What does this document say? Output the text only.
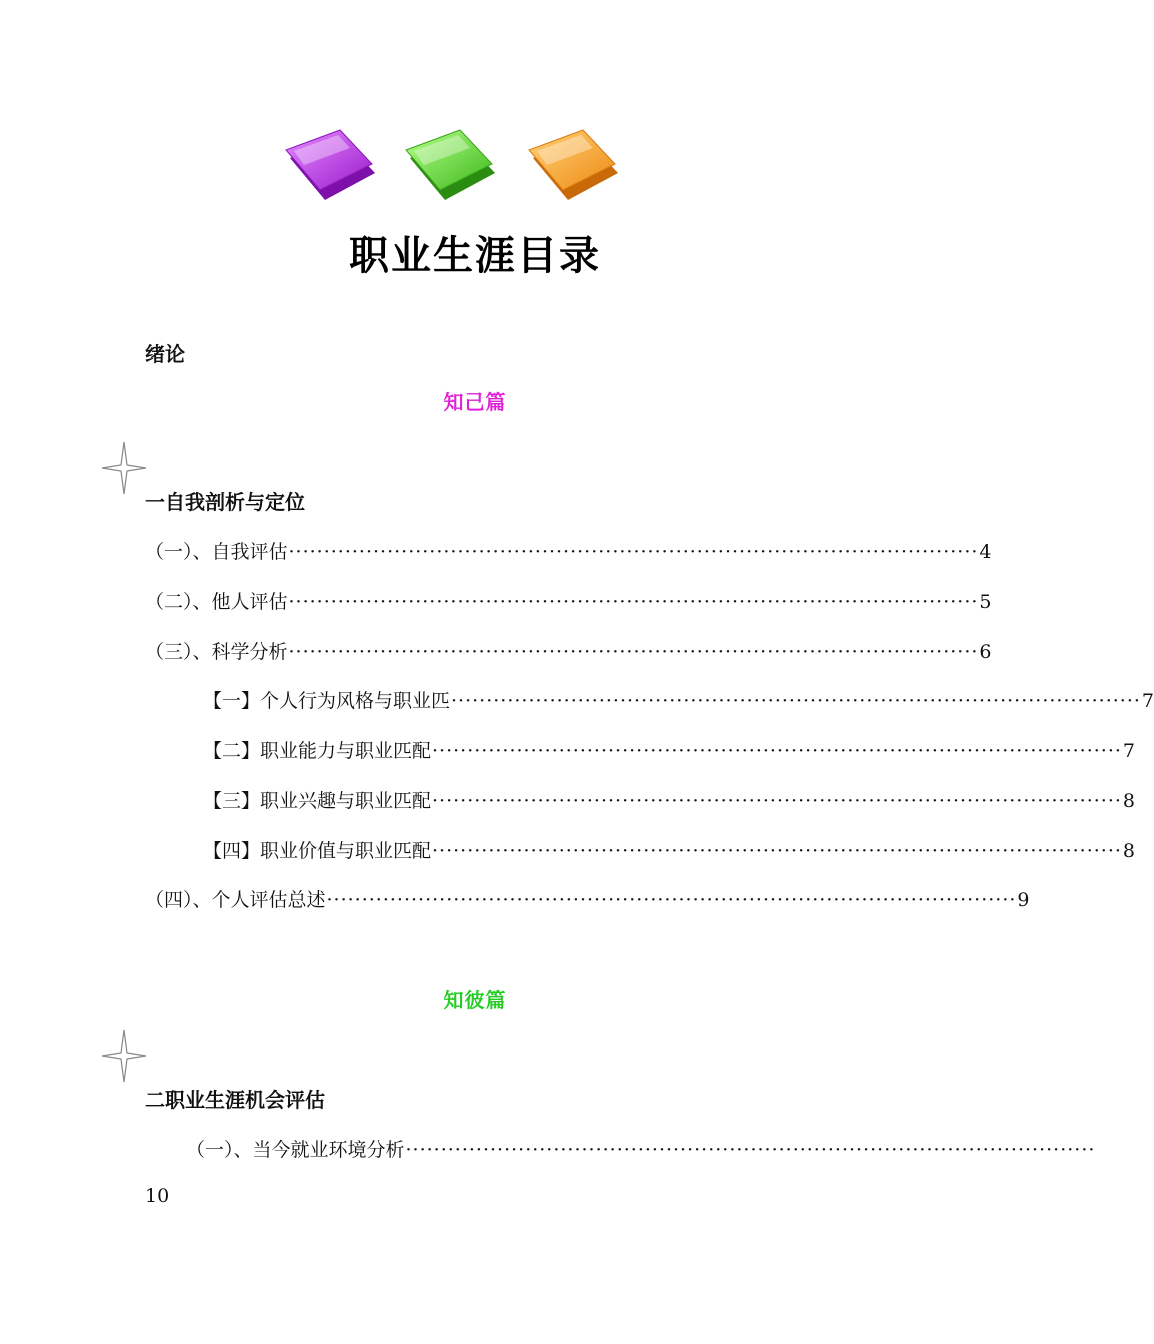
职业生涯目录
绪论
知己篇
一自我剖析与定位
（一）、自我评估 ·································································································· 4
（二）、他人评估 ·································································································· 5
（三）、科学分析 ·································································································· 6
【一】个人行为风格与职业匹 ·································································································· 7
【二】职业能力与职业匹配 ·································································································· 7
【三】职业兴趣与职业匹配 ·································································································· 8
【四】职业价值与职业匹配 ·································································································· 8
（四）、个人评估总述 ·································································································· 9
知彼篇
二职业生涯机会评估
（一）、当今就业环境分析 ··································································································
10
